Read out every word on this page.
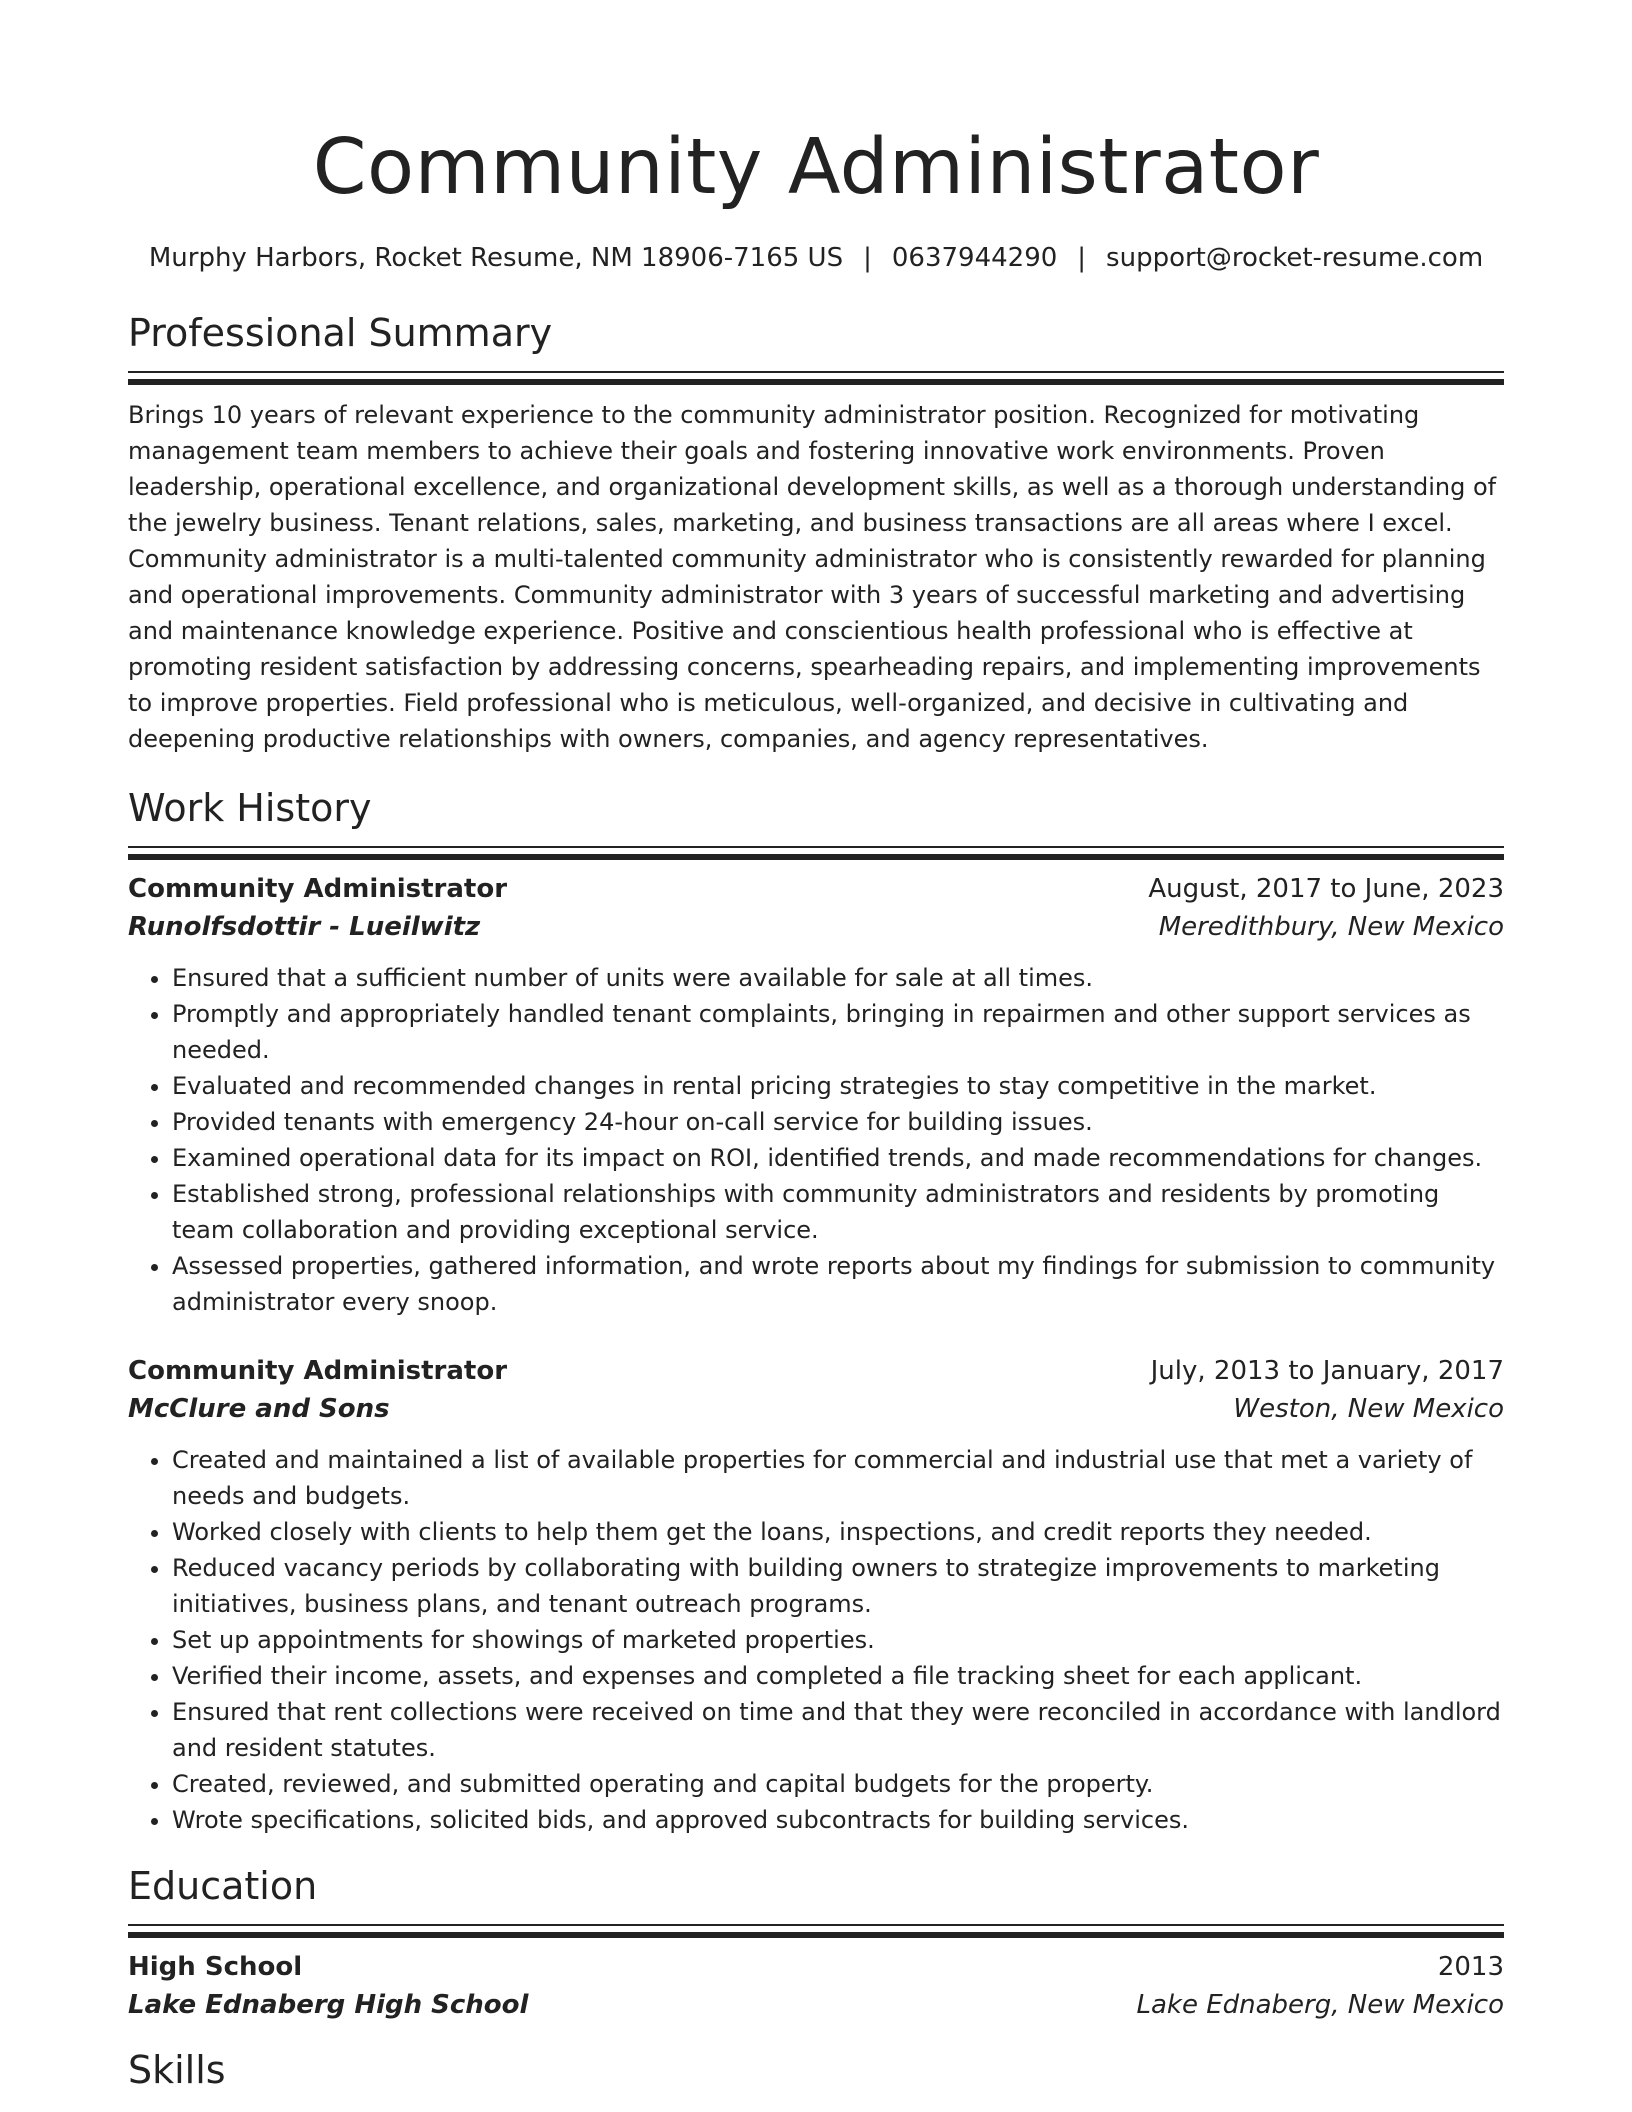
Community Administrator
Murphy Harbors, Rocket Resume, NM 18906-7165 US | 0637944290 | support@rocket-resume.com
Professional Summary

Brings 10 years of relevant experience to the community administrator position. Recognized for motivating management team members to achieve their goals and fostering innovative work environments. Proven leadership, operational excellence, and organizational development skills, as well as a thorough understanding of the jewelry business. Tenant relations, sales, marketing, and business transactions are all areas where I excel. Community administrator is a multi-talented community administrator who is consistently rewarded for planning and operational improvements. Community administrator with 3 years of successful marketing and advertising and maintenance knowledge experience. Positive and conscientious health professional who is effective at promoting resident satisfaction by addressing concerns, spearheading repairs, and implementing improvements to improve properties. Field professional who is meticulous, well-organized, and decisive in cultivating and deepening productive relationships with owners, companies, and agency representatives.

Work History
Community Administrator	August, 2017 to June, 2023
Runolfsdottir - Lueilwitz	Meredithbury, New Mexico
• Ensured that a sufficient number of units were available for sale at all times.
• Promptly and appropriately handled tenant complaints, bringing in repairmen and other support services as needed.
• Evaluated and recommended changes in rental pricing strategies to stay competitive in the market.
• Provided tenants with emergency 24-hour on-call service for building issues.
• Examined operational data for its impact on ROI, identified trends, and made recommendations for changes.
• Established strong, professional relationships with community administrators and residents by promoting team collaboration and providing exceptional service.
• Assessed properties, gathered information, and wrote reports about my findings for submission to community administrator every snoop.
Community Administrator	July, 2013 to January, 2017
McClure and Sons	Weston, New Mexico
• Created and maintained a list of available properties for commercial and industrial use that met a variety of needs and budgets.
• Worked closely with clients to help them get the loans, inspections, and credit reports they needed.
• Reduced vacancy periods by collaborating with building owners to strategize improvements to marketing initiatives, business plans, and tenant outreach programs.
• Set up appointments for showings of marketed properties.
• Verified their income, assets, and expenses and completed a file tracking sheet for each applicant.
• Ensured that rent collections were received on time and that they were reconciled in accordance with landlord and resident statutes.
• Created, reviewed, and submitted operating and capital budgets for the property.
• Wrote specifications, solicited bids, and approved subcontracts for building services.
Education
High School	2013
Lake Ednaberg High School	Lake Ednaberg, New Mexico
Skills
